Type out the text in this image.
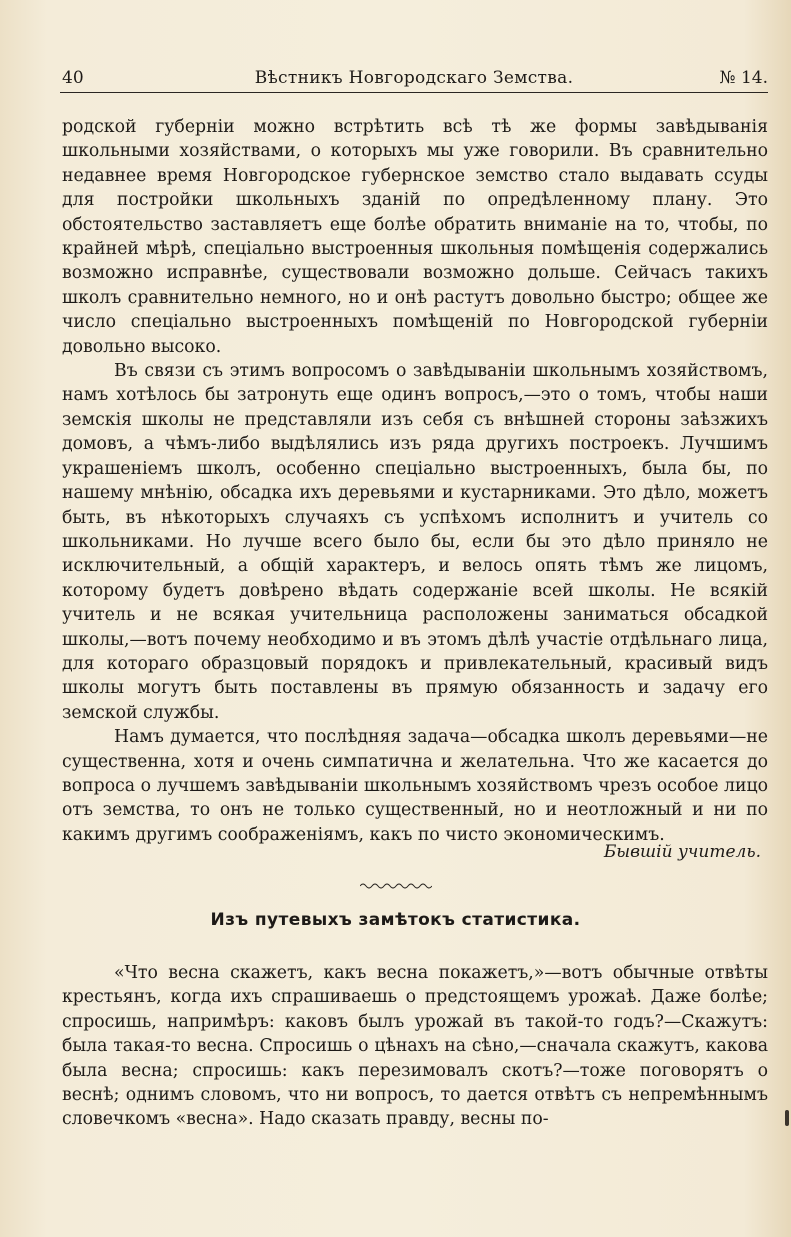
40	Вѣстникъ Новгородскаго Земства.	№ 14.

родской губерніи можно встрѣтить всѣ тѣ же формы завѣдыванія школьными хозяйствами, о которыхъ мы уже говорили. Въ сравнительно недавнее время Новгородское губернское земство стало выдавать ссуды для постройки школьныхъ зданій по опредѣленному плану. Это обстоятельство заставляетъ еще болѣе обратить вниманіе на то, чтобы, по крайней мѣрѣ, спеціально выстроенныя школьныя помѣщенія содержались возможно исправнѣе, существовали возможно дольше. Сейчасъ такихъ школъ сравнительно немного, но и онѣ растутъ довольно быстро; общее же число спеціально выстроенныхъ помѣщеній по Новгородской губерніи довольно высоко.

Въ связи съ этимъ вопросомъ о завѣдываніи школьнымъ хозяйствомъ, намъ хотѣлось бы затронуть еще одинъ вопросъ,—это о томъ, чтобы наши земскія школы не представляли изъ себя съ внѣшней стороны заѣзжихъ домовъ, а чѣмъ-либо выдѣлялись изъ ряда другихъ построекъ. Лучшимъ украшеніемъ школъ, особенно спеціально выстроенныхъ, была бы, по нашему мнѣнію, обсадка ихъ деревьями и кустарниками. Это дѣло, можетъ быть, въ нѣкоторыхъ случаяхъ съ успѣхомъ исполнитъ и учитель со школьниками. Но лучше всего было бы, если бы это дѣло приняло не исключительный, а общій характеръ, и велось опять тѣмъ же лицомъ, которому будетъ довѣрено вѣдать содержаніе всей школы. Не всякій учитель и не всякая учительница расположены заниматься обсадкой школы,—вотъ почему необходимо и въ этомъ дѣлѣ участіе отдѣльнаго лица, для котораго образцовый порядокъ и привлекательный, красивый видъ школы могутъ быть поставлены въ прямую обязанность и задачу его земской службы.

Намъ думается, что послѣдняя задача—обсадка школъ деревьями—не существенна, хотя и очень симпатична и желательна. Что же касается до вопроса о лучшемъ завѣдываніи школьнымъ хозяйствомъ чрезъ особое лицо отъ земства, то онъ не только существенный, но и неотложный и ни по какимъ другимъ соображеніямъ, какъ по чисто экономическимъ.

Бывшій учитель.
Изъ путевыхъ замѣтокъ статистика.

«Что весна скажетъ, какъ весна покажетъ,»—вотъ обычные отвѣты крестьянъ, когда ихъ спрашиваешь о предстоящемъ урожаѣ. Даже болѣе; спросишь, напримѣръ: каковъ былъ урожай въ такой-то годъ?—Скажутъ: была такая-то весна. Спросишь о цѣнахъ на сѣно,—сначала скажутъ, какова была весна; спросишь: какъ перезимовалъ скотъ?—тоже поговорятъ о веснѣ; однимъ словомъ, что ни вопросъ, то дается отвѣтъ съ непремѣннымъ словечкомъ «весна». Надо сказать правду, весны по-
